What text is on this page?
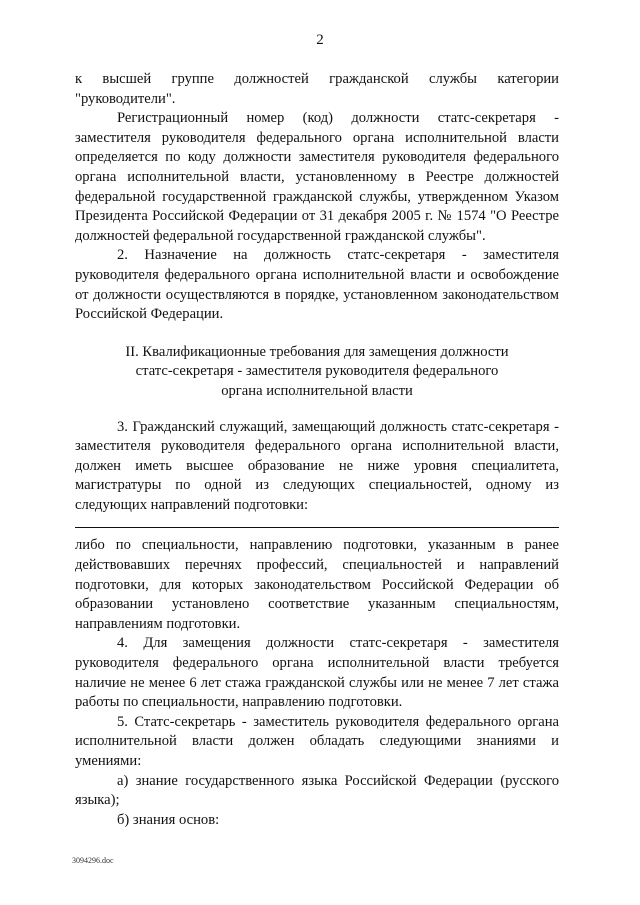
2

к высшей группе должностей гражданской службы категории "руководители".

Регистрационный номер (код) должности статс-секретаря - заместителя руководителя федерального органа исполнительной власти определяется по коду должности заместителя руководителя федерального органа исполнительной власти, установленному в Реестре должностей федеральной государственной гражданской службы, утвержденном Указом Президента Российской Федерации от 31 декабря 2005 г. № 1574 "О Реестре должностей федеральной государственной гражданской службы".

2. Назначение на должность статс-секретаря - заместителя руководителя федерального органа исполнительной власти и освобождение от должности осуществляются в порядке, установленном законодательством Российской Федерации.

II. Квалификационные требования для замещения должности
статс-секретаря - заместителя руководителя федерального
органа исполнительной власти

3. Гражданский служащий, замещающий должность статс-секретаря - заместителя руководителя федерального органа исполнительной власти, должен иметь высшее образование не ниже уровня специалитета, магистратуры по одной из следующих специальностей, одному из следующих направлений подготовки:

либо по специальности, направлению подготовки, указанным в ранее действовавших перечнях профессий, специальностей и направлений подготовки, для которых законодательством Российской Федерации об образовании установлено соответствие указанным специальностям, направлениям подготовки.

4. Для замещения должности статс-секретаря - заместителя руководителя федерального органа исполнительной власти требуется наличие не менее 6 лет стажа гражданской службы или не менее 7 лет стажа работы по специальности, направлению подготовки.

5. Статс-секретарь - заместитель руководителя федерального органа исполнительной власти должен обладать следующими знаниями и умениями:

а) знание государственного языка Российской Федерации (русского языка);

б) знания основ:

3094296.doc
